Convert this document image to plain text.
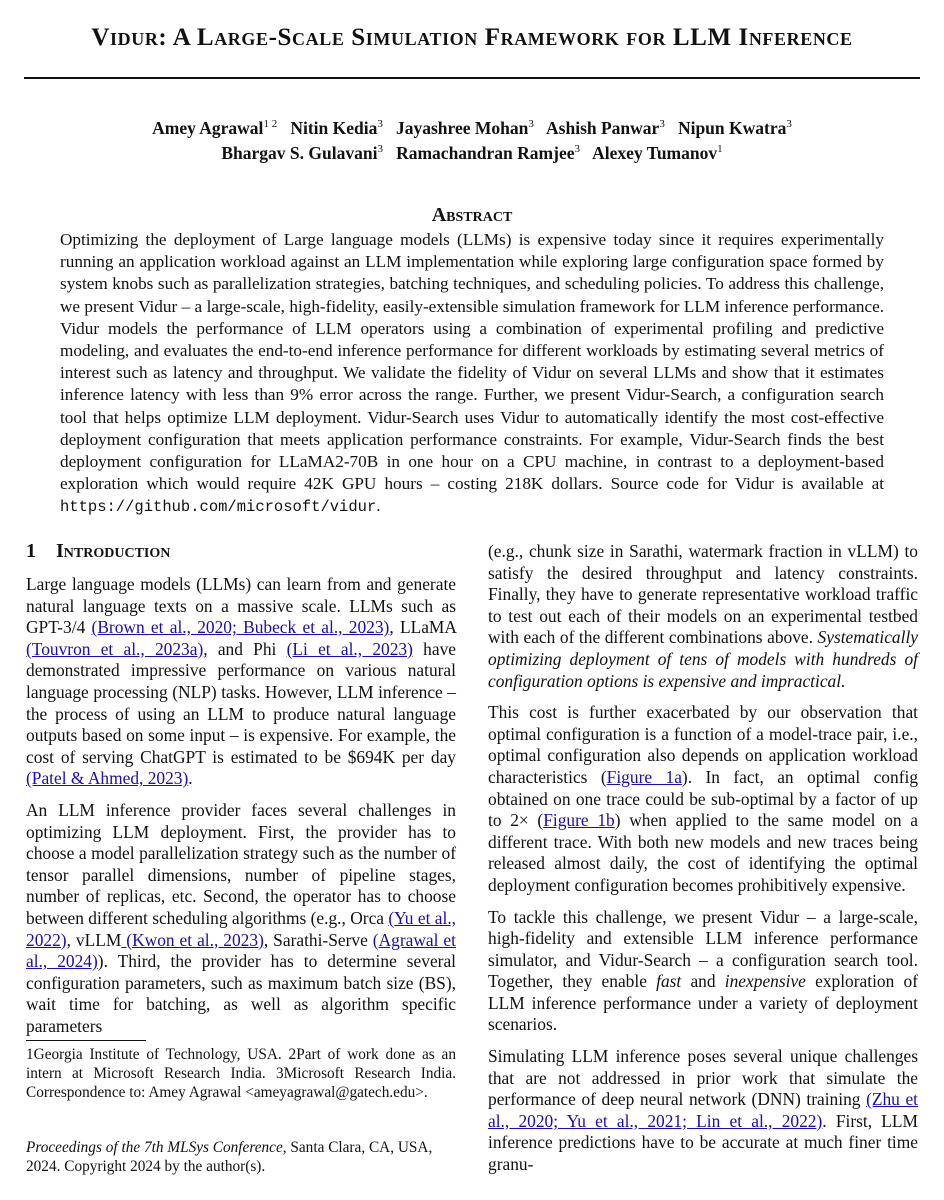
Vidur: A Large-Scale Simulation Framework for LLM Inference
Amey Agrawal$^{1 2}$ Nitin Kedia$^3$ Jayashree Mohan$^3$ Ashish Panwar$^3$ Nipun Kwatra$^3$
Bhargav S. Gulavani$^3$ Ramachandran Ramjee$^3$ Alexey Tumanov$^1$
Abstract
Optimizing the deployment of Large language models (LLMs) is expensive today since it requires experimentally running an application workload against an LLM implementation while exploring large configuration space formed by system knobs such as parallelization strategies, batching techniques, and scheduling policies. To address this challenge, we present Vidur – a large-scale, high-fidelity, easily-extensible simulation framework for LLM inference performance. Vidur models the performance of LLM operators using a combination of experimental profiling and predictive modeling, and evaluates the end-to-end inference performance for different workloads by estimating several metrics of interest such as latency and throughput. We validate the fidelity of Vidur on several LLMs and show that it estimates inference latency with less than 9% error across the range. Further, we present Vidur-Search, a configuration search tool that helps optimize LLM deployment. Vidur-Search uses Vidur to automatically identify the most cost-effective deployment configuration that meets application performance constraints. For example, Vidur-Search finds the best deployment configuration for LLaMA2-70B in one hour on a CPU machine, in contrast to a deployment-based exploration which would require 42K GPU hours – costing 218K dollars. Source code for Vidur is available at https://github.com/microsoft/vidur.
1 Introduction

Large language models (LLMs) can learn from and generate natural language texts on a massive scale. LLMs such as GPT-3/4 (Brown et al., 2020; Bubeck et al., 2023), LLaMA (Touvron et al., 2023a), and Phi (Li et al., 2023) have demonstrated impressive performance on various natural language processing (NLP) tasks. However, LLM inference – the process of using an LLM to produce natural language outputs based on some input – is expensive. For example, the cost of serving ChatGPT is estimated to be $694K per day (Patel & Ahmed, 2023).

An LLM inference provider faces several challenges in optimizing LLM deployment. First, the provider has to choose a model parallelization strategy such as the number of tensor parallel dimensions, number of pipeline stages, number of replicas, etc. Second, the operator has to choose between different scheduling algorithms (e.g., Orca (Yu et al., 2022), vLLM (Kwon et al., 2023), Sarathi-Serve (Agrawal et al., 2024)). Third, the provider has to determine several configuration parameters, such as maximum batch size (BS), wait time for batching, as well as algorithm specific parameters

1Georgia Institute of Technology, USA. 2Part of work done as an intern at Microsoft Research India. 3Microsoft Research India. Correspondence to: Amey Agrawal <ameyagrawal@gatech.edu>.
Proceedings of the 7th MLSys Conference, Santa Clara, CA, USA, 2024. Copyright 2024 by the author(s).

(e.g., chunk size in Sarathi, watermark fraction in vLLM) to satisfy the desired throughput and latency constraints. Finally, they have to generate representative workload traffic to test out each of their models on an experimental testbed with each of the different combinations above. Systematically optimizing deployment of tens of models with hundreds of configuration options is expensive and impractical.

This cost is further exacerbated by our observation that optimal configuration is a function of a model-trace pair, i.e., optimal configuration also depends on application workload characteristics (Figure 1a). In fact, an optimal config obtained on one trace could be sub-optimal by a factor of up to 2× (Figure 1b) when applied to the same model on a different trace. With both new models and new traces being released almost daily, the cost of identifying the optimal deployment configuration becomes prohibitively expensive.

To tackle this challenge, we present Vidur – a large-scale, high-fidelity and extensible LLM inference performance simulator, and Vidur-Search – a configuration search tool. Together, they enable fast and inexpensive exploration of LLM inference performance under a variety of deployment scenarios.

Simulating LLM inference poses several unique challenges that are not addressed in prior work that simulate the performance of deep neural network (DNN) training (Zhu et al., 2020; Yu et al., 2021; Lin et al., 2022). First, LLM inference predictions have to be accurate at much finer time granu-
